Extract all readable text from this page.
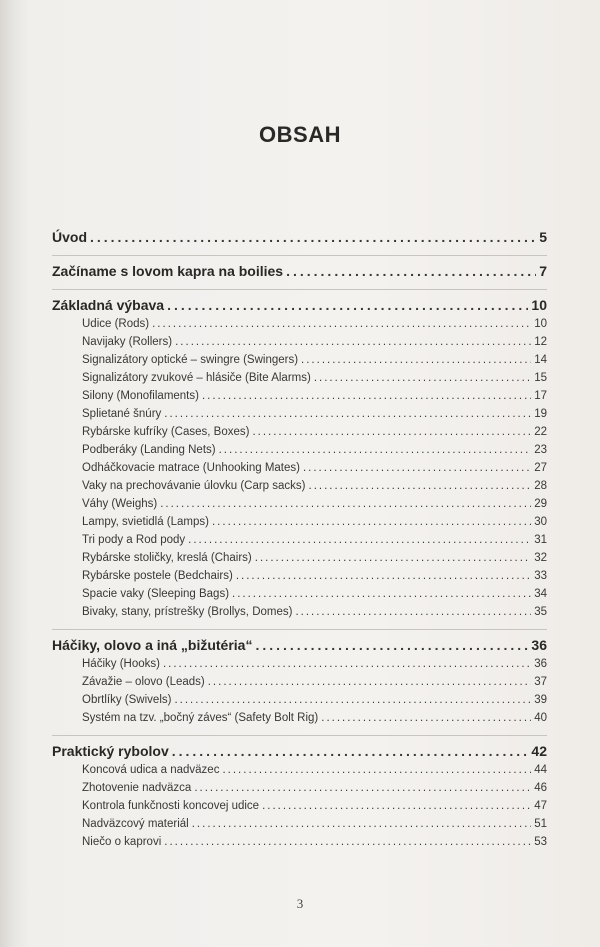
OBSAH
Úvod .....	5
Začíname s lovom kapra na boilies .....	7
Základná výbava .....	10
Udice (Rods) .....	10
Navijaky (Rollers) .....	12
Signalizátory optické – swingre (Swingers) .....	14
Signalizátory zvukové – hlásiče (Bite Alarms) .....	15
Silony (Monofilaments) .....	17
Splietané šnúry .....	19
Rybárske kufríky (Cases, Boxes) .....	22
Podberáky (Landing Nets) .....	23
Odháčkovacie matrace (Unhooking Mates) .....	27
Vaky na prechovávanie úlovku (Carp sacks) .....	28
Váhy (Weighs) .....	29
Lampy, svietidlá (Lamps) .....	30
Tri pody a Rod pody .....	31
Rybárske stoličky, kreslá (Chairs) .....	32
Rybárske postele (Bedchairs) .....	33
Spacie vaky (Sleeping Bags) .....	34
Bivaky, stany, prístrešky (Brollys, Domes) .....	35
Háčiky, olovo a iná „bižutéria“ .....	36
Háčiky (Hooks) .....	36
Závažie – olovo (Leads) .....	37
Obrtlíky (Swivels) .....	39
Systém na tzv. „bočný záves“ (Safety Bolt Rig) .....	40
Praktický rybolov .....	42
Koncová udica a nadväzec .....	44
Zhotovenie nadväzca .....	46
Kontrola funkčnosti koncovej udice .....	47
Nadväzcový materiál .....	51
Niečo o kaprovi .....	53
3
